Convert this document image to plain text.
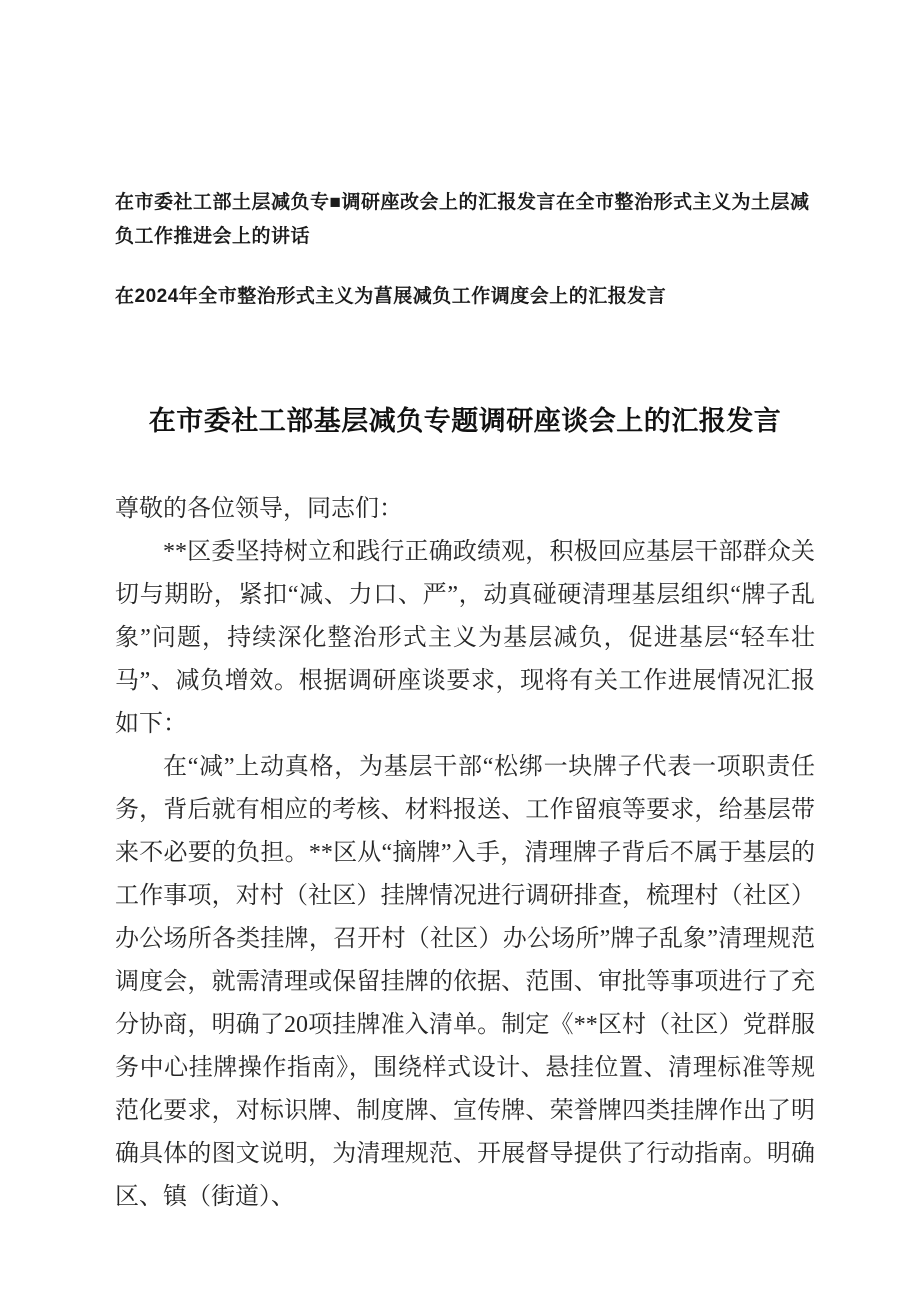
在市委社工部土层减负专■调研座改会上的汇报发言在全市整治形式主义为土层减负工作推进会上的讲话

在2024年全市整治形式主义为菖展减负工作调度会上的汇报发言

在市委社工部基层减负专题调研座谈会上的汇报发言

尊敬的各位领导，同志们：

**区委坚持树立和践行正确政绩观，积极回应基层干部群众关切与期盼，紧扣“减、力口、严”，动真碰硬清理基层组织“牌子乱象”问题，持续深化整治形式主义为基层减负，促进基层“轻车壮马”、减负增效。根据调研座谈要求，现将有关工作进展情况汇报如下：

在“减”上动真格，为基层干部“松绑一块牌子代表一项职责任务，背后就有相应的考核、材料报送、工作留痕等要求，给基层带来不必要的负担。**区从“摘牌”入手，清理牌子背后不属于基层的工作事项，对村（社区）挂牌情况进行调研排查，梳理村（社区）办公场所各类挂牌，召开村（社区）办公场所”牌子乱象”清理规范调度会，就需清理或保留挂牌的依据、范围、审批等事项进行了充分协商，明确了20项挂牌准入清单。制定《**区村（社区）党群服务中心挂牌操作指南》，围绕样式设计、悬挂位置、清理标准等规范化要求，对标识牌、制度牌、宣传牌、荣誉牌四类挂牌作出了明确具体的图文说明，为清理规范、开展督导提供了行动指南。明确区、镇（街道）、
